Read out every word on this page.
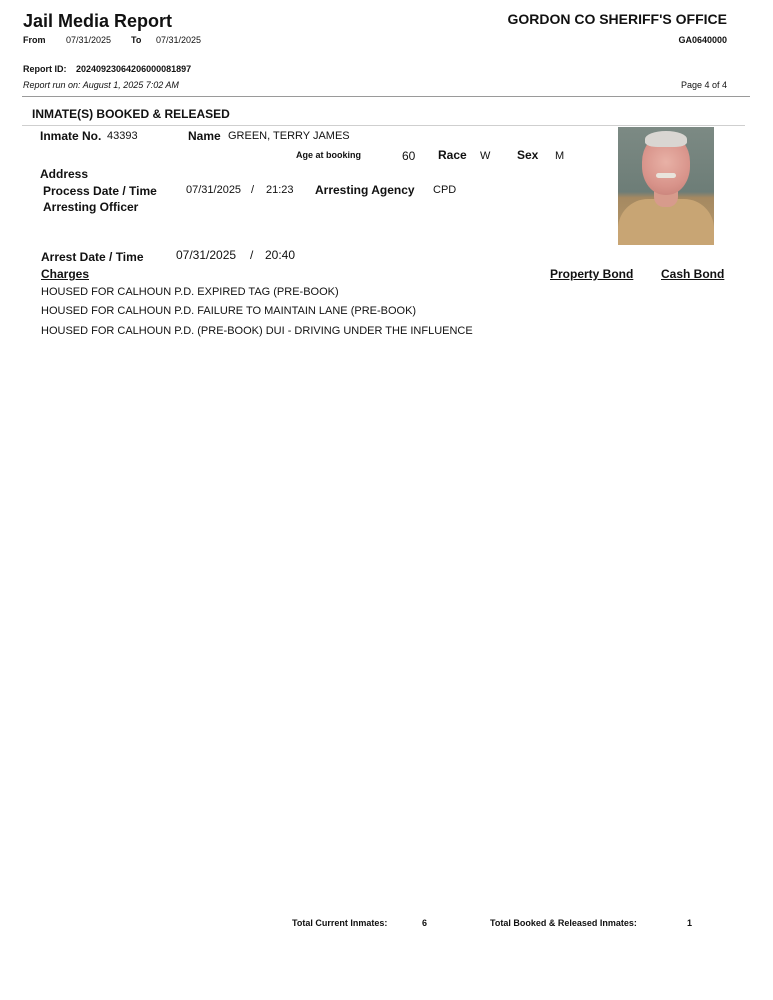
Jail Media Report
From 07/31/2025 To 07/31/2025
GORDON CO SHERIFF'S OFFICE
GA0640000
Report ID: 20240923064206000081897
Report run on: August 1, 2025 7:02 AM	Page 4 of 4
INMATE(S) BOOKED & RELEASED
Inmate No. 43393	Name GREEN, TERRY JAMES
Age at booking	60 Race W Sex M
Address
Process Date / Time	07/31/2025 / 21:23 Arresting Agency CPD
Arresting Officer
Arrest Date / Time	07/31/2025 / 20:40
Charges	Property Bond Cash Bond
HOUSED FOR CALHOUN P.D. EXPIRED TAG (PRE-BOOK)
HOUSED FOR CALHOUN P.D. FAILURE TO MAINTAIN LANE (PRE-BOOK)
HOUSED FOR CALHOUN P.D. (PRE-BOOK) DUI - DRIVING UNDER THE INFLUENCE
Total Current Inmates:	6	Total Booked & Released Inmates:	1
